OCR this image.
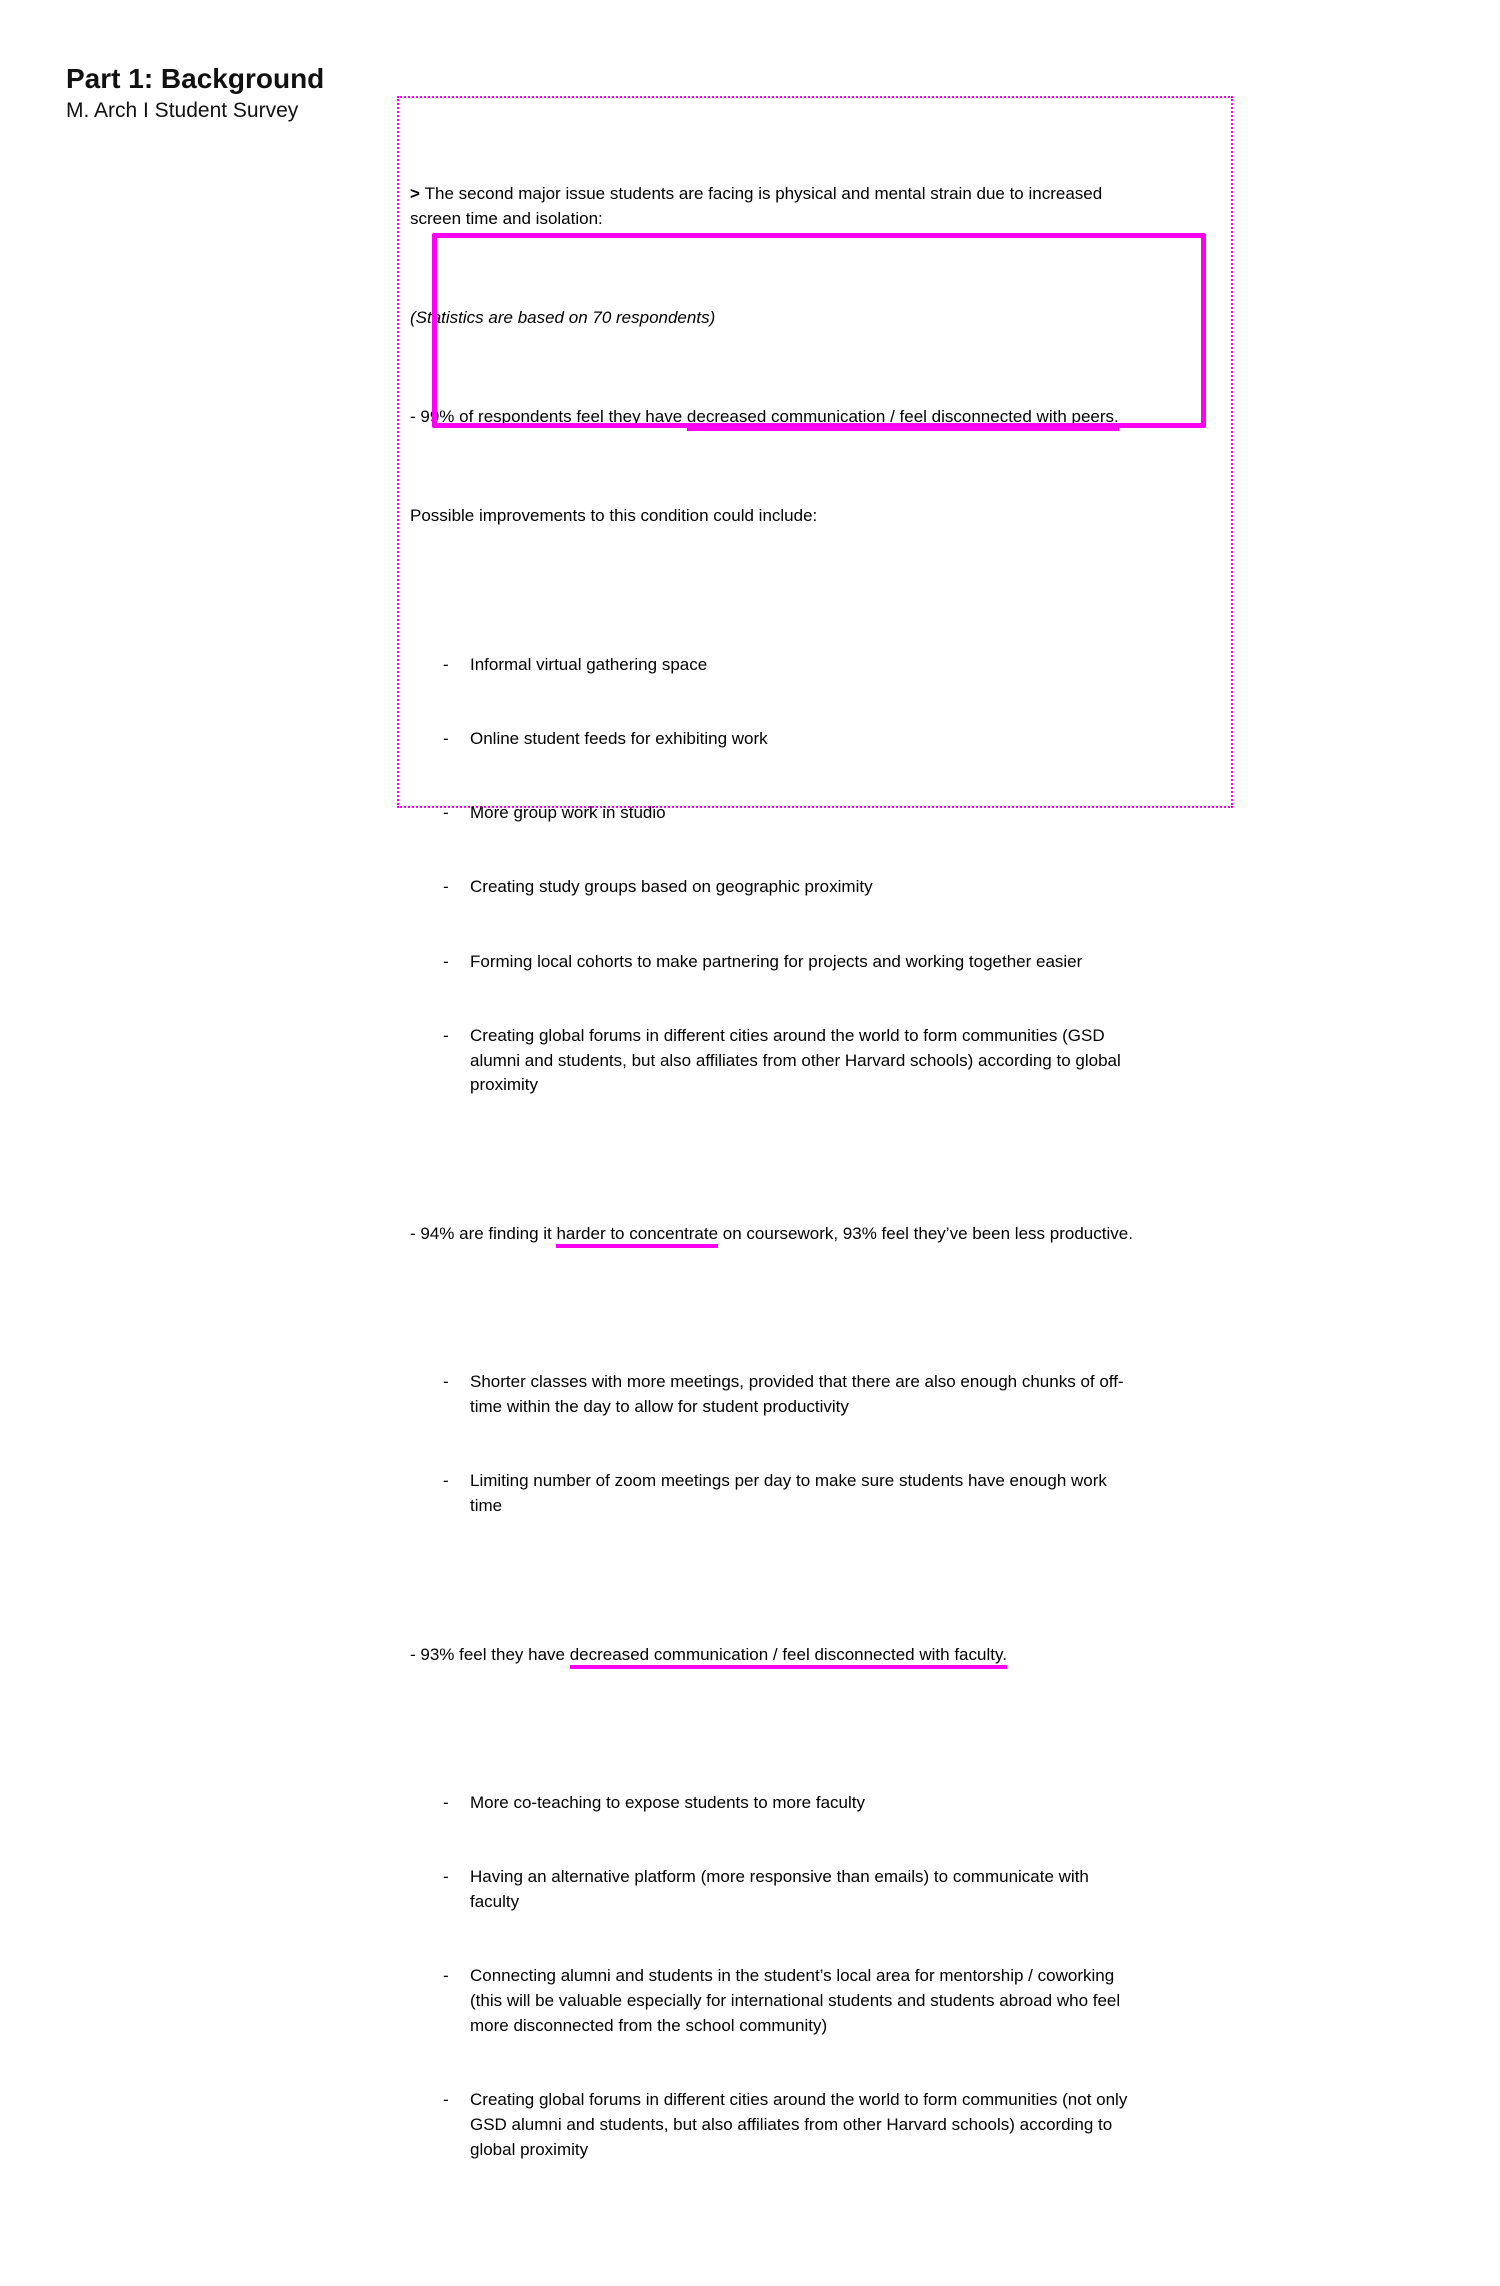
Part 1: Background
M. Arch I Student Survey

> The second major issue students are facing is physical and mental strain due to increased
screen time and isolation:

(Statistics are based on 70 respondents)

- 99% of respondents feel they have decreased communication / feel disconnected with peers.

Possible improvements to this condition could include:

-	Informal virtual gathering space

-	Online student feeds for exhibiting work

-	More group work in studio

-	Creating study groups based on geographic proximity

-	Forming local cohorts to make partnering for projects and working together easier

-	Creating global forums in different cities around the world to form communities (GSD
alumni and students, but also affiliates from other Harvard schools) according to global
proximity

- 94% are finding it harder to concentrate on coursework, 93% feel they’ve been less productive.

-	Shorter classes with more meetings, provided that there are also enough chunks of off-
time within the day to allow for student productivity

-	Limiting number of zoom meetings per day to make sure students have enough work
time

- 93% feel they have decreased communication / feel disconnected with faculty.

-	More co-teaching to expose students to more faculty

-	Having an alternative platform (more responsive than emails) to communicate with
faculty

-	Connecting alumni and students in the student’s local area for mentorship / coworking
(this will be valuable especially for international students and students abroad who feel
more disconnected from the school community)

-	Creating global forums in different cities around the world to form communities (not only
GSD alumni and students, but also affiliates from other Harvard schools) according to
global proximity
